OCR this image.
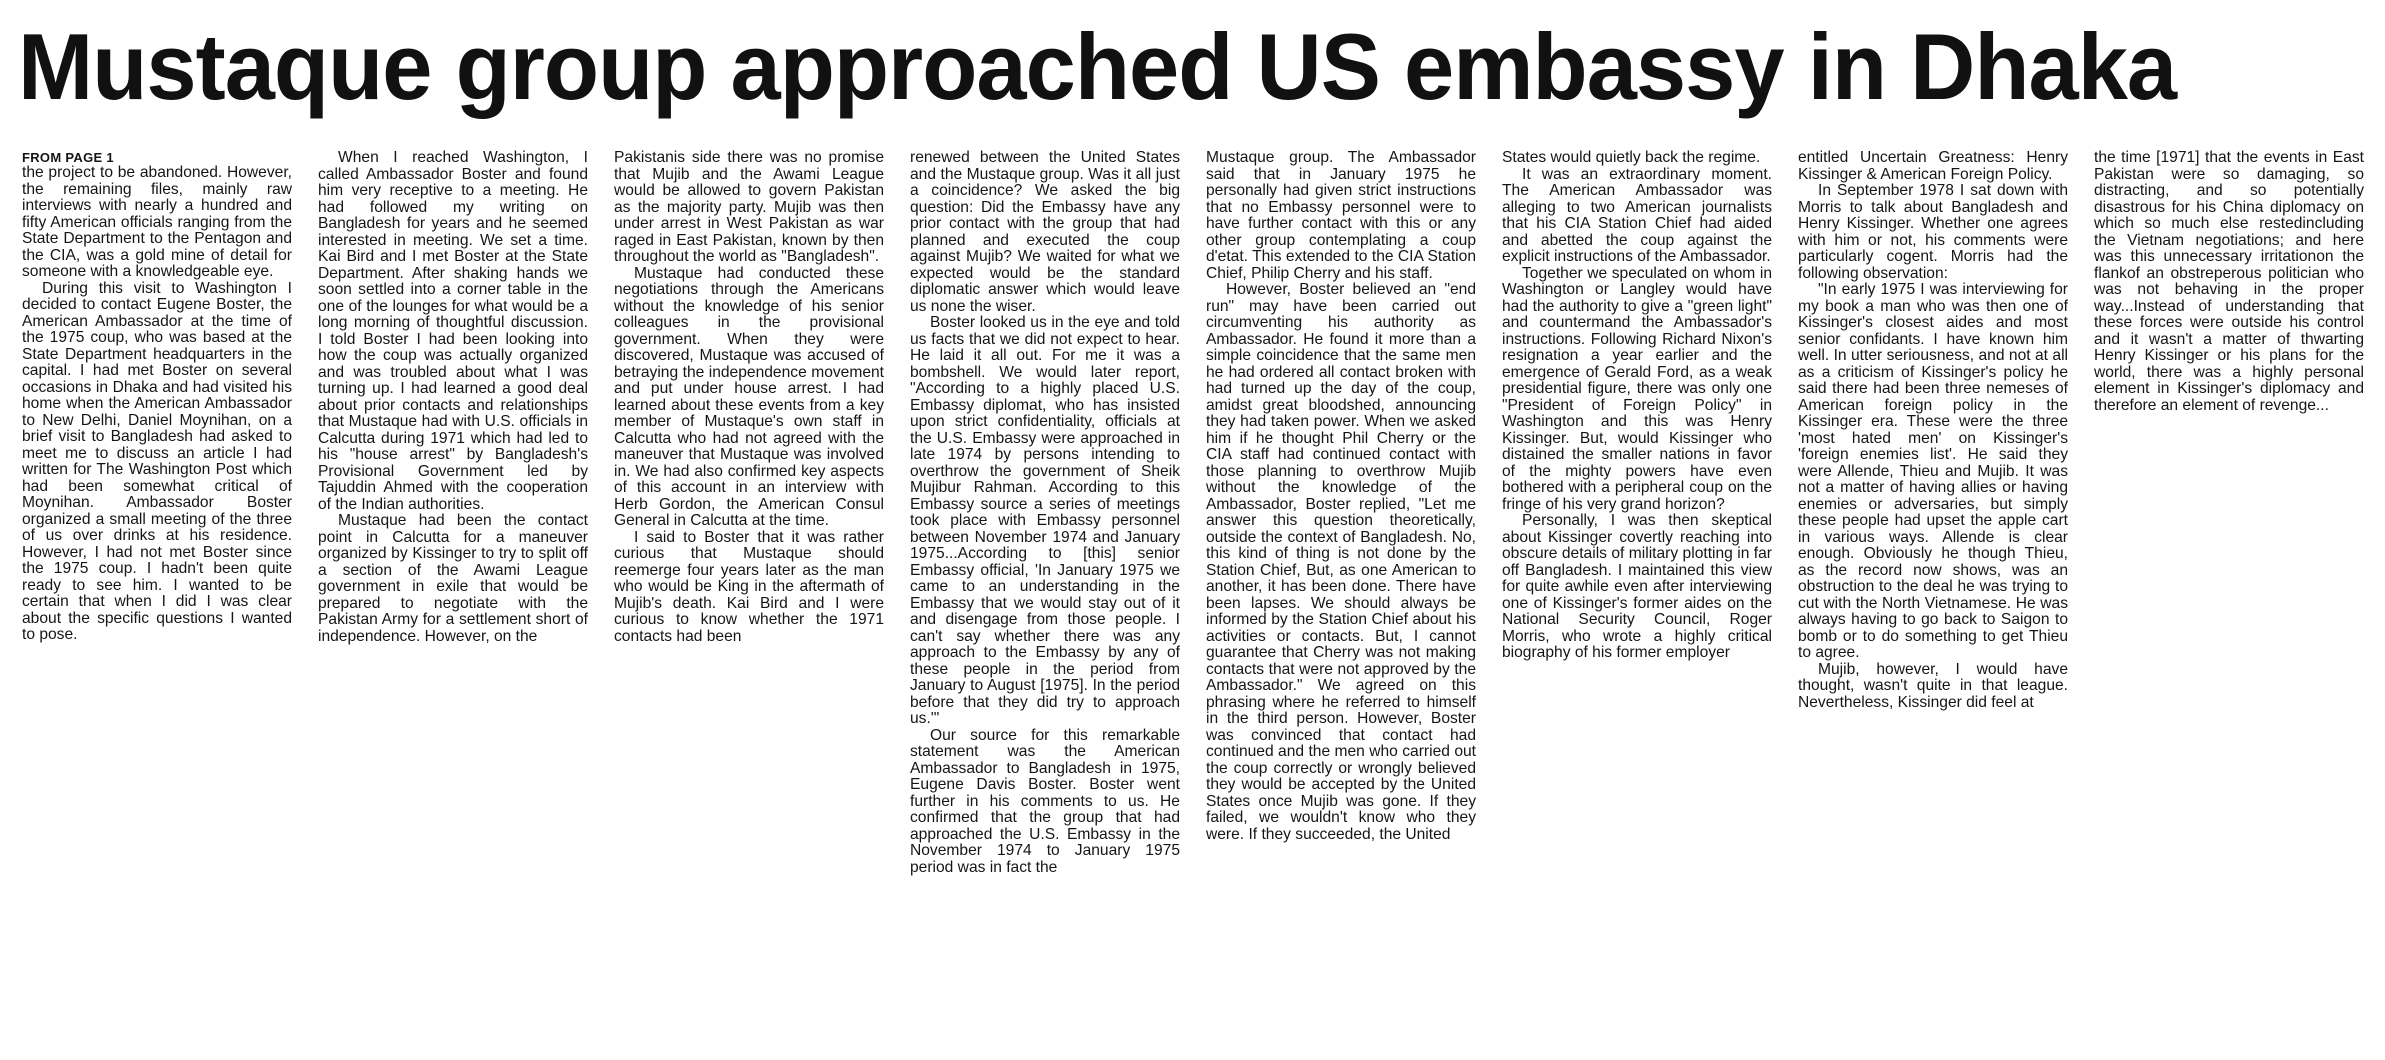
Mustaque group approached US embassy in Dhaka
FROM PAGE 1

the project to be abandoned. However, the remaining files, mainly raw interviews with nearly a hundred and fifty American officials ranging from the State Department to the Pentagon and the CIA, was a gold mine of detail for someone with a knowledgeable eye.

During this visit to Washington I decided to contact Eugene Boster, the American Ambassador at the time of the 1975 coup, who was based at the State Department headquarters in the capital. I had met Boster on several occasions in Dhaka and had visited his home when the American Ambassador to New Delhi, Daniel Moynihan, on a brief visit to Bangladesh had asked to meet me to discuss an article I had written for The Washington Post which had been somewhat critical of Moynihan. Ambassador Boster organized a small meeting of the three of us over drinks at his residence. However, I had not met Boster since the 1975 coup. I hadn't been quite ready to see him. I wanted to be certain that when I did I was clear about the specific questions I wanted to pose.

When I reached Washington, I called Ambassador Boster and found him very receptive to a meeting. He had followed my writing on Bangladesh for years and he seemed interested in meeting. We set a time. Kai Bird and I met Boster at the State Department. After shaking hands we soon settled into a corner table in the one of the lounges for what would be a long morning of thoughtful discussion. I told Boster I had been looking into how the coup was actually organized and was troubled about what I was turning up. I had learned a good deal about prior contacts and relationships that Mustaque had with U.S. officials in Calcutta during 1971 which had led to his "house arrest" by Bangladesh's Provisional Government led by Tajuddin Ahmed with the cooperation of the Indian authorities.

Mustaque had been the contact point in Calcutta for a maneuver organized by Kissinger to try to split off a section of the Awami League government in exile that would be prepared to negotiate with the Pakistan Army for a settlement short of independence. However, on the

Pakistanis side there was no promise that Mujib and the Awami League would be allowed to govern Pakistan as the majority party. Mujib was then under arrest in West Pakistan as war raged in East Pakistan, known by then throughout the world as "Bangladesh".

Mustaque had conducted these negotiations through the Americans without the knowledge of his senior colleagues in the provisional government. When they were discovered, Mustaque was accused of betraying the independence movement and put under house arrest. I had learned about these events from a key member of Mustaque's own staff in Calcutta who had not agreed with the maneuver that Mustaque was involved in. We had also confirmed key aspects of this account in an interview with Herb Gordon, the American Consul General in Calcutta at the time.

I said to Boster that it was rather curious that Mustaque should reemerge four years later as the man who would be King in the aftermath of Mujib's death. Kai Bird and I were curious to know whether the 1971 contacts had been

renewed between the United States and the Mustaque group. Was it all just a coincidence? We asked the big question: Did the Embassy have any prior contact with the group that had planned and executed the coup against Mujib? We waited for what we expected would be the standard diplomatic answer which would leave us none the wiser.

Boster looked us in the eye and told us facts that we did not expect to hear. He laid it all out. For me it was a bombshell. We would later report, "According to a highly placed U.S. Embassy diplomat, who has insisted upon strict confidentiality, officials at the U.S. Embassy were approached in late 1974 by persons intending to overthrow the government of Sheik Mujibur Rahman. According to this Embassy source a series of meetings took place with Embassy personnel between November 1974 and January 1975...According to [this] senior Embassy official, 'In January 1975 we came to an understanding in the Embassy that we would stay out of it and disengage from those people. I can't say whether there was any approach to the Embassy by any of these people in the period from January to August [1975]. In the period before that they did try to approach us.'"

Our source for this remarkable statement was the American Ambassador to Bangladesh in 1975, Eugene Davis Boster. Boster went further in his comments to us. He confirmed that the group that had approached the U.S. Embassy in the November 1974 to January 1975 period was in fact the

Mustaque group. The Ambassador said that in January 1975 he personally had given strict instructions that no Embassy personnel were to have further contact with this or any other group contemplating a coup d'etat. This extended to the CIA Station Chief, Philip Cherry and his staff.

However, Boster believed an "end run" may have been carried out circumventing his authority as Ambassador. He found it more than a simple coincidence that the same men he had ordered all contact broken with had turned up the day of the coup, amidst great bloodshed, announcing they had taken power. When we asked him if he thought Phil Cherry or the CIA staff had continued contact with those planning to overthrow Mujib without the knowledge of the Ambassador, Boster replied, "Let me answer this question theoretically, outside the context of Bangladesh. No, this kind of thing is not done by the Station Chief, But, as one American to another, it has been done. There have been lapses. We should always be informed by the Station Chief about his activities or contacts. But, I cannot guarantee that Cherry was not making contacts that were not approved by the Ambassador." We agreed on this phrasing where he referred to himself in the third person. However, Boster was convinced that contact had continued and the men who carried out the coup correctly or wrongly believed they would be accepted by the United States once Mujib was gone. If they failed, we wouldn't know who they were. If they succeeded, the United

States would quietly back the regime.

It was an extraordinary moment. The American Ambassador was alleging to two American journalists that his CIA Station Chief had aided and abetted the coup against the explicit instructions of the Ambassador.

Together we speculated on whom in Washington or Langley would have had the authority to give a "green light" and countermand the Ambassador's instructions. Following Richard Nixon's resignation a year earlier and the emergence of Gerald Ford, as a weak presidential figure, there was only one "President of Foreign Policy" in Washington and this was Henry Kissinger. But, would Kissinger who distained the smaller nations in favor of the mighty powers have even bothered with a peripheral coup on the fringe of his very grand horizon?

Personally, I was then skeptical about Kissinger covertly reaching into obscure details of military plotting in far off Bangladesh. I maintained this view for quite awhile even after interviewing one of Kissinger's former aides on the National Security Council, Roger Morris, who wrote a highly critical biography of his former employer

entitled Uncertain Greatness: Henry Kissinger & American Foreign Policy.

In September 1978 I sat down with Morris to talk about Bangladesh and Henry Kissinger. Whether one agrees with him or not, his comments were particularly cogent. Morris had the following observation:

"In early 1975 I was interviewing for my book a man who was then one of Kissinger's closest aides and most senior confidants. I have known him well. In utter seriousness, and not at all as a criticism of Kissinger's policy he said there had been three nemeses of American foreign policy in the Kissinger era. These were the three 'most hated men' on Kissinger's 'foreign enemies list'. He said they were Allende, Thieu and Mujib. It was not a matter of having allies or having enemies or adversaries, but simply these people had upset the apple cart in various ways. Allende is clear enough. Obviously he though Thieu, as the record now shows, was an obstruction to the deal he was trying to cut with the North Vietnamese. He was always having to go back to Saigon to bomb or to do something to get Thieu to agree.

Mujib, however, I would have thought, wasn't quite in that league. Nevertheless, Kissinger did feel at

the time [1971] that the events in East Pakistan were so damaging, so distracting, and so potentially disastrous for his China diplomacy on which so much else restedincluding the Vietnam negotiations; and here was this unnecessary irritationon the flankof an obstreperous politician who was not behaving in the proper way...Instead of understanding that these forces were outside his control and it wasn't a matter of thwarting Henry Kissinger or his plans for the world, there was a highly personal element in Kissinger's diplomacy and therefore an element of revenge...
